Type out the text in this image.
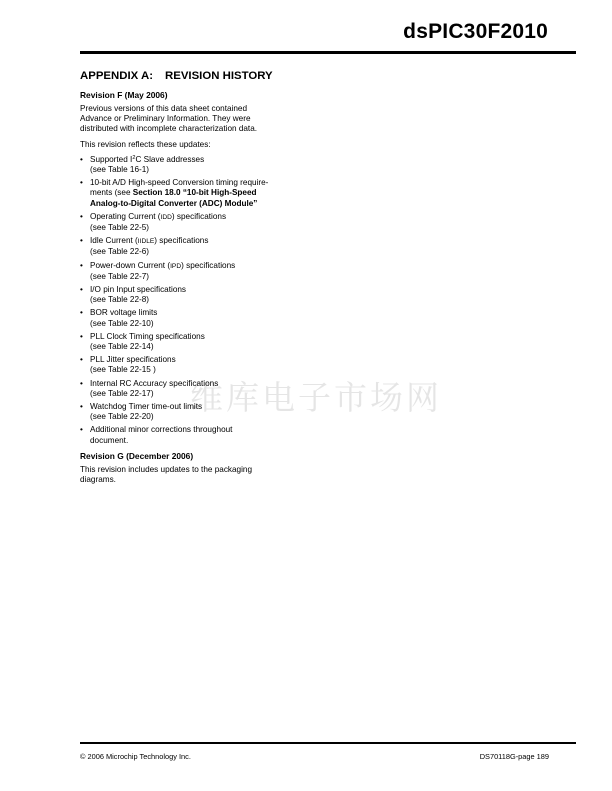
dsPIC30F2010
维库电子市场网
APPENDIX A: REVISION HISTORY
Revision F (May 2006)

Previous versions of this data sheet contained
Advance or Preliminary Information. They were
distributed with incomplete characterization data.

This revision reflects these updates:

• Supported $I^2C$ Slave addresses
(see Table 16-1)
• 10-bit A/D High-speed Conversion timing require-
ments (see Section 18.0 “10-bit High-Speed
Analog-to-Digital Converter (ADC) Module”
• Operating Current (IDD) specifications
(see Table 22-5)
• Idle Current (IIDLE) specifications
(see Table 22-6)
• Power-down Current (IPD) specifications
(see Table 22-7)
• I/O pin Input specifications
(see Table 22-8)
• BOR voltage limits
(see Table 22-10)
• PLL Clock Timing specifications
(see Table 22-14)
• PLL Jitter specifications
(see Table 22-15 )
• Internal RC Accuracy specifications
(see Table 22-17)
• Watchdog Timer time-out limits
(see Table 22-20)
• Additional minor corrections throughout
document.
Revision G (December 2006)

This revision includes updates to the packaging
diagrams.

© 2006 Microchip Technology Inc.	DS70118G-page 189
